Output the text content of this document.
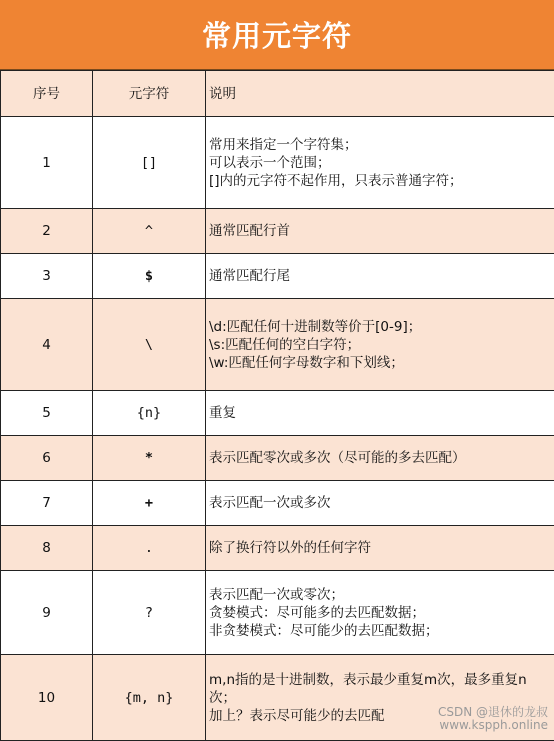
常用元字符
序号	元字符	说明
1	[]	常用来指定一个字符集；
可以表示一个范围；
[]内的元字符不起作用，只表示普通字符；

2	^	通常匹配行首

3	$	通常匹配行尾

4	\	\d:匹配任何十进制数等价于[0-9]；
\s:匹配任何的空白字符；
\w:匹配任何字母数字和下划线；

5	{n}	重复

6	*	表示匹配零次或多次（尽可能的多去匹配）

7	+	表示匹配一次或多次

8	.	除了换行符以外的任何字符

9	?	表示匹配一次或零次；
贪婪模式：尽可能多的去匹配数据；
非贪婪模式：尽可能少的去匹配数据；

10	{m, n}	m,n指的是十进制数，表示最少重复m次，最多重复n次；
加上？表示尽可能少的去匹配	CSDN @退休的龙叔
www.kspph.online
